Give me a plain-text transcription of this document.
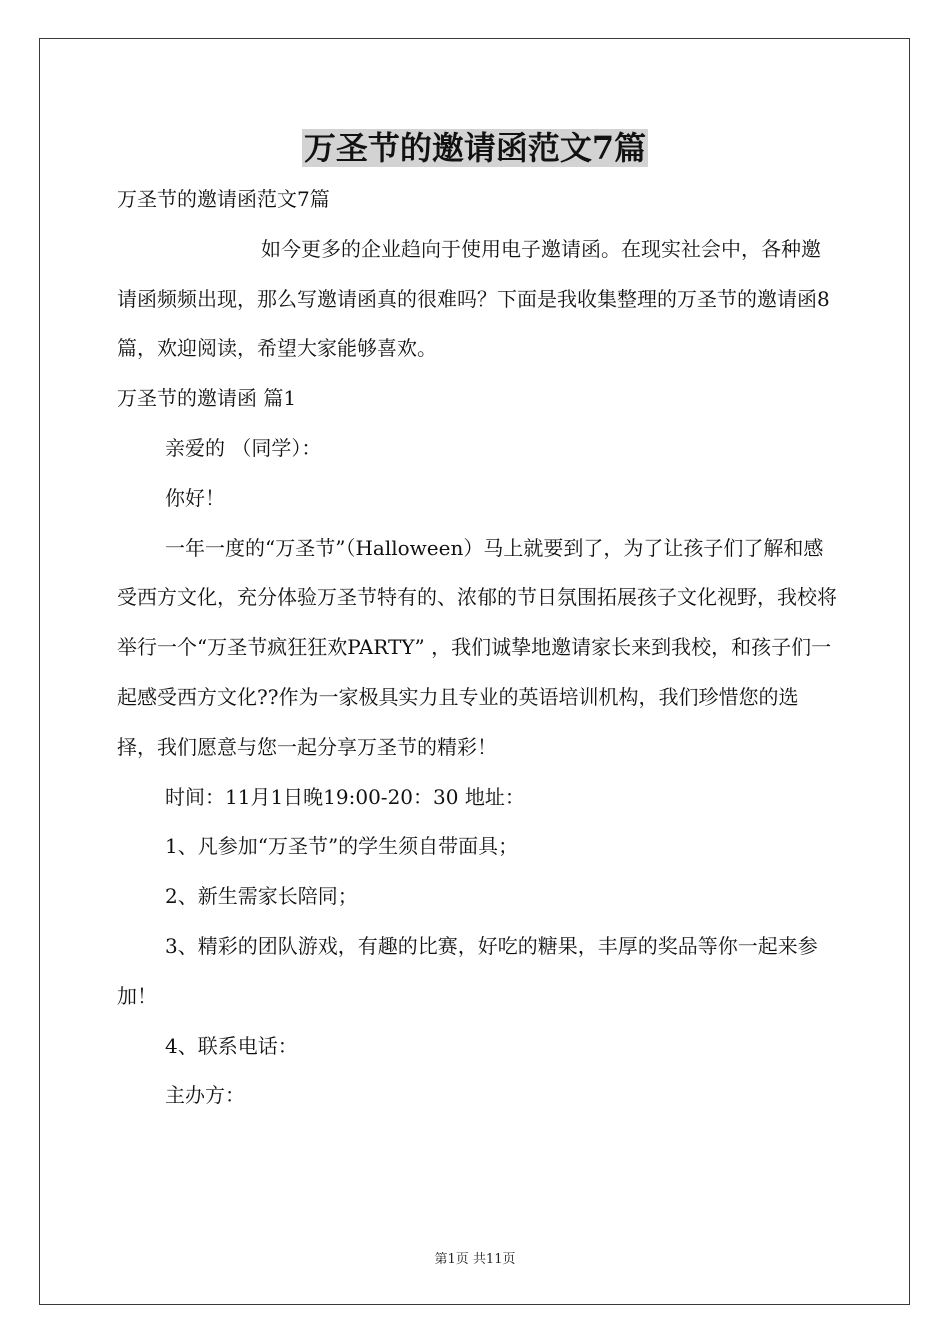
万圣节的邀请函范文7篇

万圣节的邀请函范文7篇

如今更多的企业趋向于使用电子邀请函。在现实社会中，各种邀请函频频出现，那么写邀请函真的很难吗？下面是我收集整理的万圣节的邀请函8篇，欢迎阅读，希望大家能够喜欢。

万圣节的邀请函 篇1

亲爱的 （同学）：

你好！

一年一度的“万圣节”（Halloween）马上就要到了，为了让孩子们了解和感受西方文化，充分体验万圣节特有的、浓郁的节日氛围拓展孩子文化视野，我校将举行一个“万圣节疯狂狂欢PARTY” ，我们诚挚地邀请家长来到我校，和孩子们一起感受西方文化??作为一家极具实力且专业的英语培训机构，我们珍惜您的选择，我们愿意与您一起分享万圣节的精彩！

时间：11月1日晚19:00-20：30 地址：

1、凡参加“万圣节”的学生须自带面具；

2、新生需家长陪同；

3、精彩的团队游戏，有趣的比赛，好吃的糖果，丰厚的奖品等你一起来参加！

4、联系电话：

主办方：

第1页 共11页
